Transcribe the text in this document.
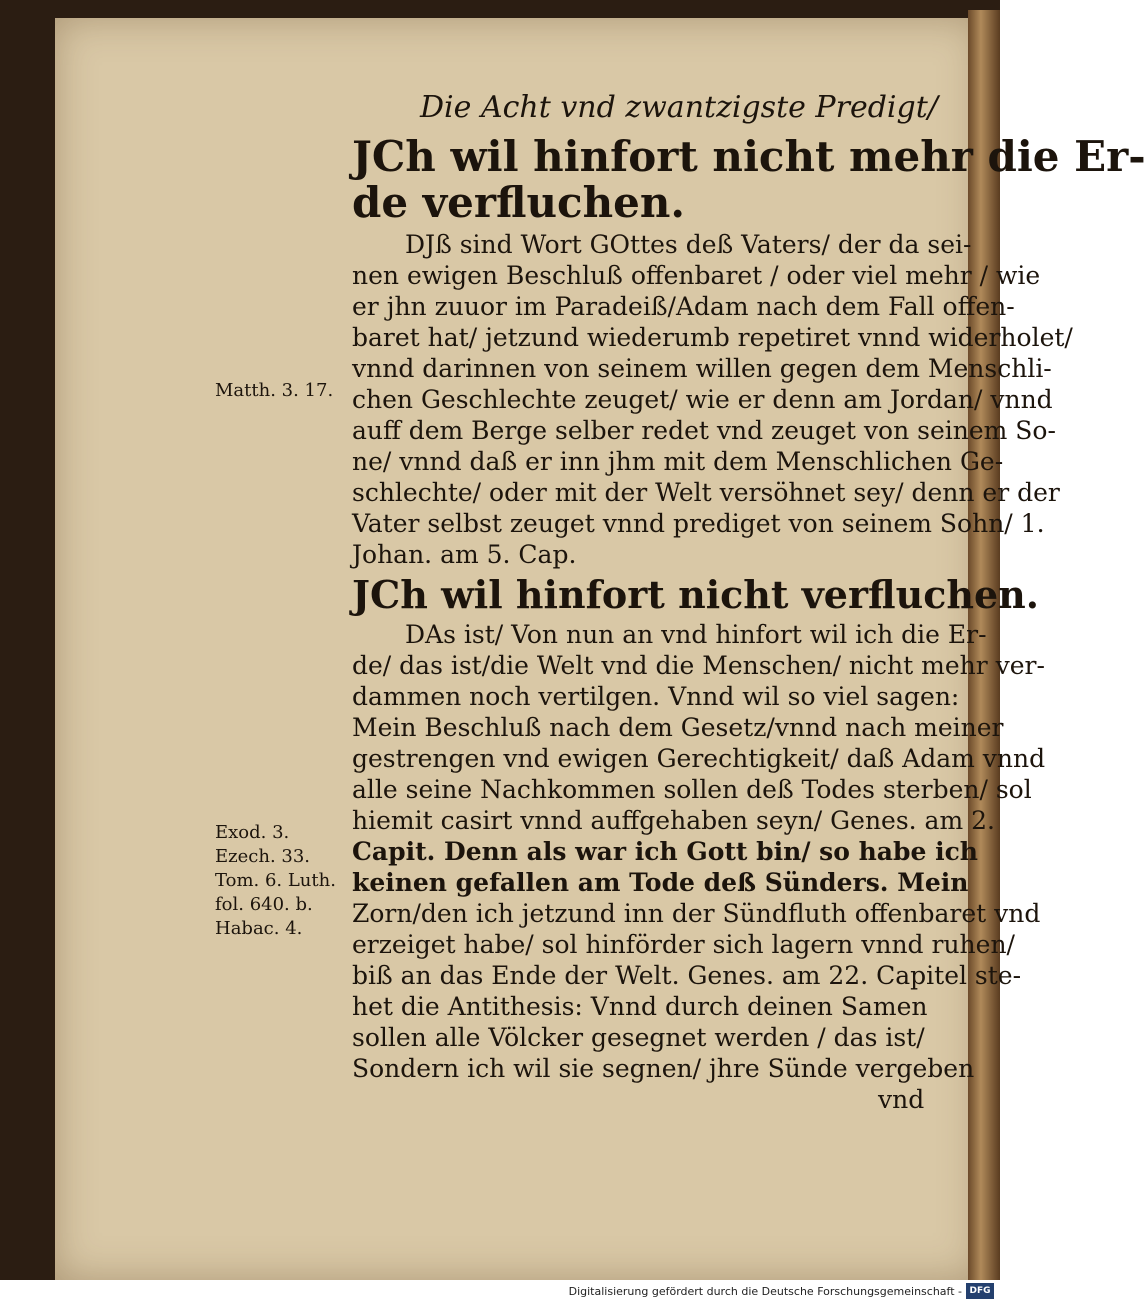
Die Acht vnd zwantzigste Predigt/
JCh wil hinfort nicht mehr die Er-
de verfluchen.
DJß sind Wort GOttes deß Vaters/ der da sei-
nen ewigen Beschluß offenbaret / oder viel mehr / wie
er jhn zuuor im Paradeiß/Adam nach dem Fall offen-
baret hat/ jetzund wiederumb repetiret vnnd widerholet/
vnnd darinnen von seinem willen gegen dem Menschli-
chen Geschlechte zeuget/ wie er denn am Jordan/ vnnd
auff dem Berge selber redet vnd zeuget von seinem So-
ne/ vnnd daß er inn jhm mit dem Menschlichen Ge-
schlechte/ oder mit der Welt versöhnet sey/ denn er der
Vater selbst zeuget vnnd prediget von seinem Sohn/ 1.
Johan. am 5. Cap.
JCh wil hinfort nicht verfluchen.
DAs ist/ Von nun an vnd hinfort wil ich die Er-
de/ das ist/die Welt vnd die Menschen/ nicht mehr ver-
dammen noch vertilgen. Vnnd wil so viel sagen:
Mein Beschluß nach dem Gesetz/vnnd nach meiner
gestrengen vnd ewigen Gerechtigkeit/ daß Adam vnnd
alle seine Nachkommen sollen deß Todes sterben/ sol
hiemit casirt vnnd auffgehaben seyn/ Genes. am 2.
Capit. Denn als war ich Gott bin/ so habe ich
keinen gefallen am Tode deß Sünders. Mein
Zorn/den ich jetzund inn der Sündfluth offenbaret vnd
erzeiget habe/ sol hinförder sich lagern vnnd ruhen/
biß an das Ende der Welt. Genes. am 22. Capitel ste-
het die Antithesis: Vnnd durch deinen Samen
sollen alle Völcker gesegnet werden / das ist/
Sondern ich wil sie segnen/ jhre Sünde vergeben
vnd
Matth. 3. 17.
Exod. 3.
Ezech. 33.
Tom. 6. Luth.
fol. 640. b.
Habac. 4.
Digitalisierung gefördert durch die Deutsche Forschungsgemeinschaft - DFG
